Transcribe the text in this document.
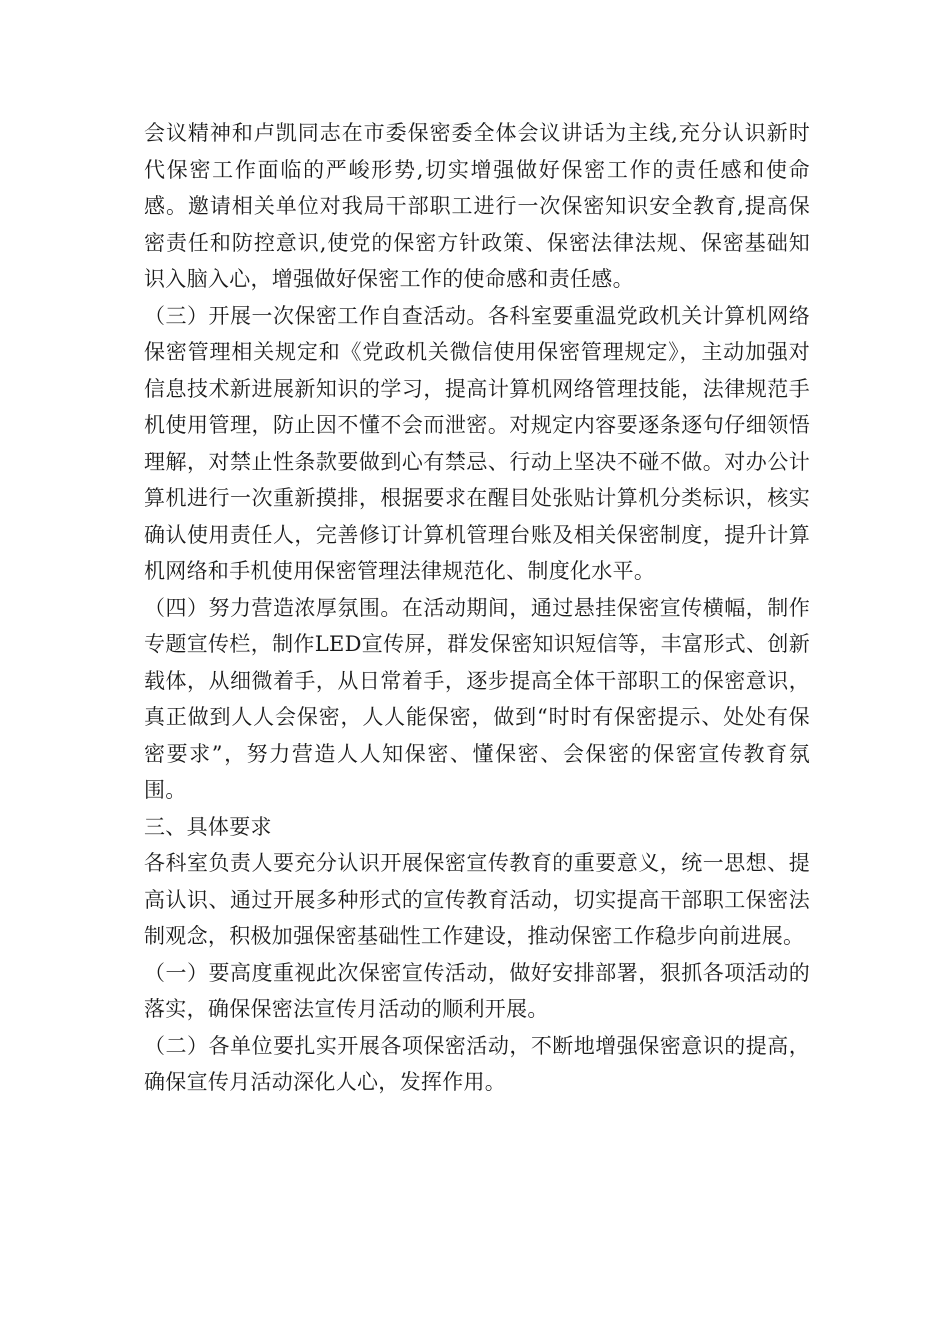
会议精神和卢凯同志在市委保密委全体会议讲话为主线,充分认识新时代保密工作面临的严峻形势,切实增强做好保密工作的责任感和使命感。邀请相关单位对我局干部职工进行一次保密知识安全教育,提高保密责任和防控意识,使党的保密方针政策、保密法律法规、保密基础知识入脑入心，增强做好保密工作的使命感和责任感。

（三）开展一次保密工作自查活动。各科室要重温党政机关计算机网络保密管理相关规定和《党政机关微信使用保密管理规定》，主动加强对信息技术新进展新知识的学习，提高计算机网络管理技能，法律规范手机使用管理，防止因不懂不会而泄密。对规定内容要逐条逐句仔细领悟理解，对禁止性条款要做到心有禁忌、行动上坚决不碰不做。对办公计算机进行一次重新摸排，根据要求在醒目处张贴计算机分类标识，核实确认使用责任人，完善修订计算机管理台账及相关保密制度，提升计算机网络和手机使用保密管理法律规范化、制度化水平。

（四）努力营造浓厚氛围。在活动期间，通过悬挂保密宣传横幅，制作专题宣传栏，制作LED宣传屏，群发保密知识短信等，丰富形式、创新载体，从细微着手，从日常着手，逐步提高全体干部职工的保密意识，真正做到人人会保密，人人能保密，做到“时时有保密提示、处处有保密要求”，努力营造人人知保密、懂保密、会保密的保密宣传教育氛围。

三、具体要求

各科室负责人要充分认识开展保密宣传教育的重要意义，统一思想、提高认识、通过开展多种形式的宣传教育活动，切实提高干部职工保密法制观念，积极加强保密基础性工作建设，推动保密工作稳步向前进展。

（一）要高度重视此次保密宣传活动，做好安排部署，狠抓各项活动的落实，确保保密法宣传月活动的顺利开展。

（二）各单位要扎实开展各项保密活动，不断地增强保密意识的提高，确保宣传月活动深化人心，发挥作用。
